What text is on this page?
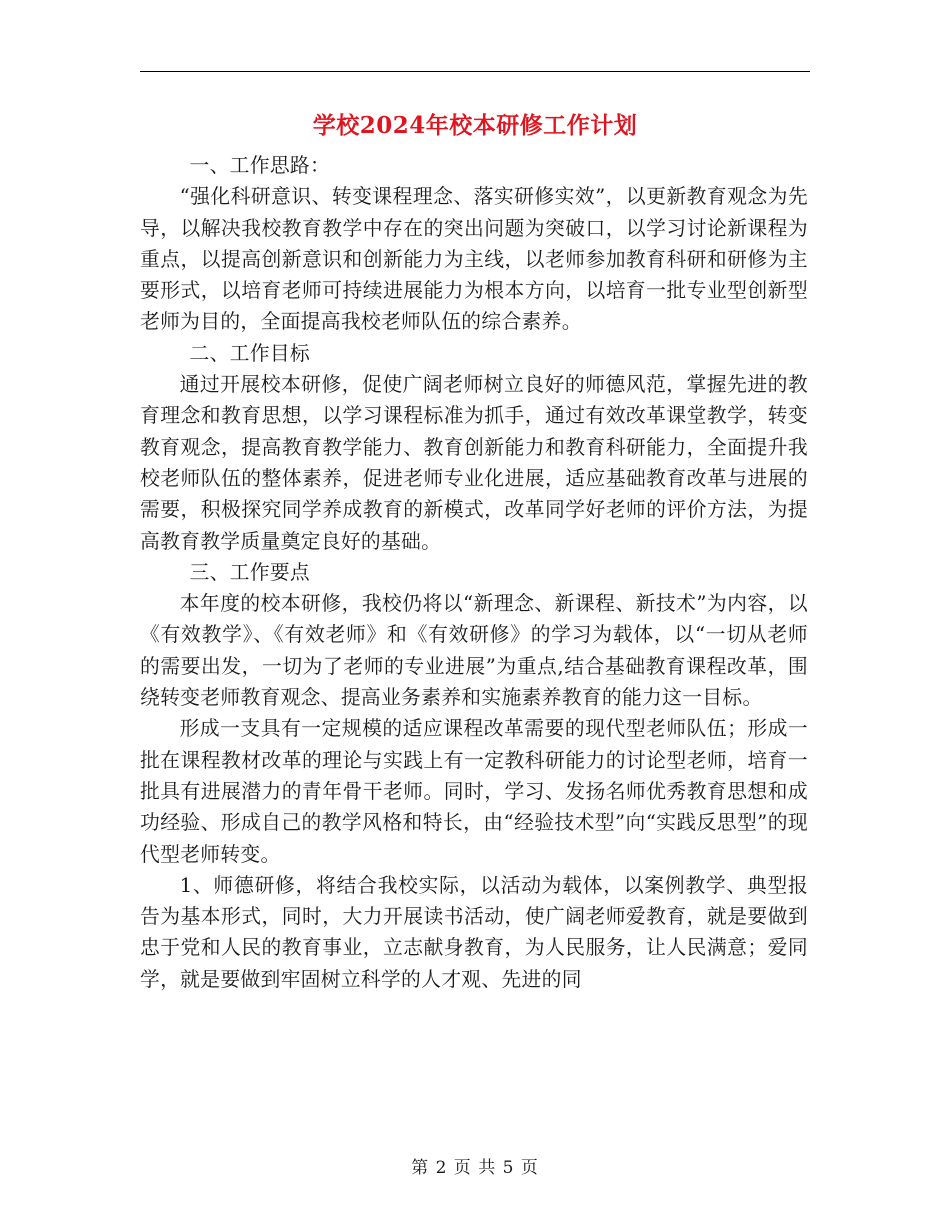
学校2024年校本研修工作计划

一、工作思路：

“强化科研意识、转变课程理念、落实研修实效”，以更新教育观念为先导，以解决我校教育教学中存在的突出问题为突破口，以学习讨论新课程为重点，以提高创新意识和创新能力为主线，以老师参加教育科研和研修为主要形式，以培育老师可持续进展能力为根本方向，以培育一批专业型创新型老师为目的，全面提高我校老师队伍的综合素养。

二、工作目标

通过开展校本研修，促使广阔老师树立良好的师德风范，掌握先进的教育理念和教育思想，以学习课程标准为抓手，通过有效改革课堂教学，转变教育观念，提高教育教学能力、教育创新能力和教育科研能力，全面提升我校老师队伍的整体素养，促进老师专业化进展，适应基础教育改革与进展的需要，积极探究同学养成教育的新模式，改革同学好老师的评价方法，为提高教育教学质量奠定良好的基础。

三、工作要点

本年度的校本研修，我校仍将以“新理念、新课程、新技术”为内容，以《有效教学》、《有效老师》和《有效研修》的学习为载体，以“一切从老师的需要出发，一切为了老师的专业进展”为重点,结合基础教育课程改革，围绕转变老师教育观念、提高业务素养和实施素养教育的能力这一目标。

形成一支具有一定规模的适应课程改革需要的现代型老师队伍；形成一批在课程教材改革的理论与实践上有一定教科研能力的讨论型老师，培育一批具有进展潜力的青年骨干老师。同时，学习、发扬名师优秀教育思想和成功经验、形成自己的教学风格和特长，由“经验技术型”向“实践反思型”的现代型老师转变。

1、师德研修，将结合我校实际，以活动为载体，以案例教学、典型报告为基本形式，同时，大力开展读书活动，使广阔老师爱教育，就是要做到忠于党和人民的教育事业，立志献身教育，为人民服务，让人民满意；爱同学，就是要做到牢固树立科学的人才观、先进的同

第 2 页 共 5 页
